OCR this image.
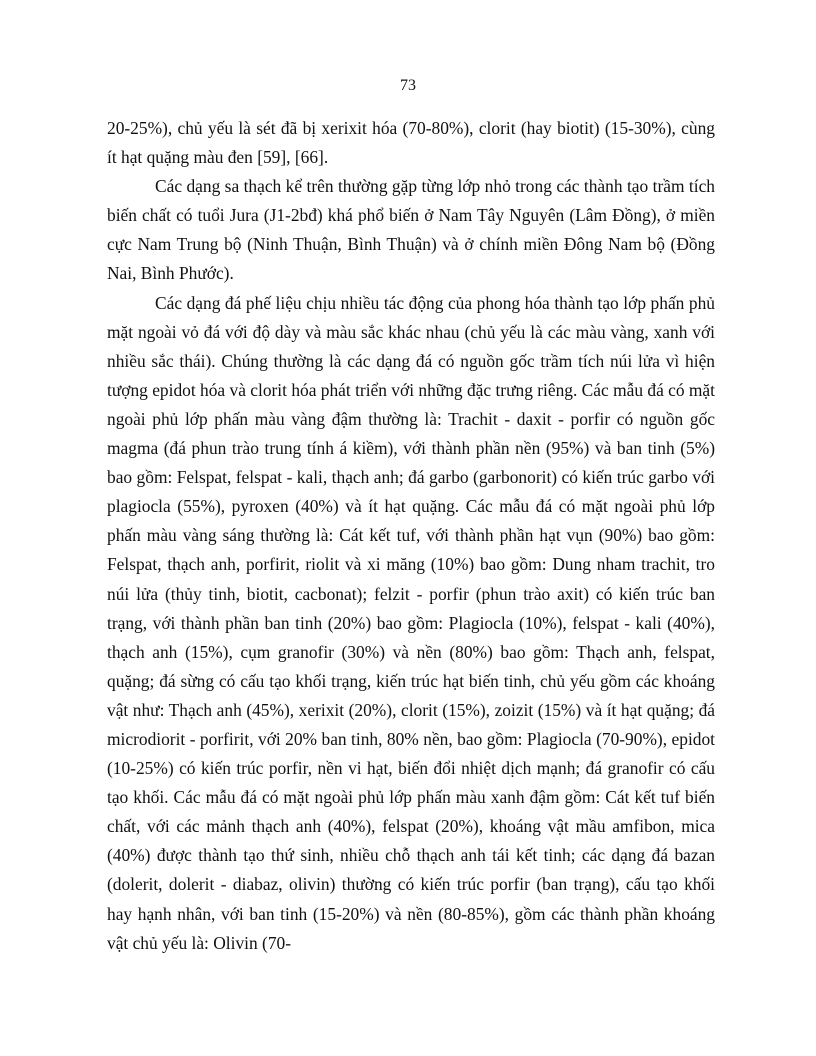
73

20-25%), chủ yếu là sét đã bị xerixit hóa (70-80%), clorit (hay biotit) (15-30%), cùng ít hạt quặng màu đen [59], [66].

Các dạng sa thạch kể trên thường gặp từng lớp nhỏ trong các thành tạo trầm tích biến chất có tuổi Jura (J1-2bđ) khá phổ biến ở Nam Tây Nguyên (Lâm Đồng), ở miền cực Nam Trung bộ (Ninh Thuận, Bình Thuận) và ở chính miền Đông Nam bộ (Đồng Nai, Bình Phước).

Các dạng đá phế liệu chịu nhiều tác động của phong hóa thành tạo lớp phấn phủ mặt ngoài vỏ đá với độ dày và màu sắc khác nhau (chủ yếu là các màu vàng, xanh với nhiều sắc thái). Chúng thường là các dạng đá có nguồn gốc trầm tích núi lửa vì hiện tượng epidot hóa và clorit hóa phát triển với những đặc trưng riêng. Các mẫu đá có mặt ngoài phủ lớp phấn màu vàng đậm thường là: Trachit - daxit - porfir có nguồn gốc magma (đá phun trào trung tính á kiềm), với thành phần nền (95%) và ban tinh (5%) bao gồm: Felspat, felspat - kali, thạch anh; đá garbo (garbonorit) có kiến trúc garbo với plagiocla (55%), pyroxen (40%) và ít hạt quặng. Các mẫu đá có mặt ngoài phủ lớp phấn màu vàng sáng thường là: Cát kết tuf, với thành phần hạt vụn (90%) bao gồm: Felspat, thạch anh, porfirit, riolit và xi măng (10%) bao gồm: Dung nham trachit, tro núi lửa (thủy tinh, biotit, cacbonat); felzit - porfir (phun trào axit) có kiến trúc ban trạng, với thành phần ban tinh (20%) bao gồm: Plagiocla (10%), felspat - kali (40%), thạch anh (15%), cụm granofir (30%) và nền (80%) bao gồm: Thạch anh, felspat, quặng; đá sừng có cấu tạo khối trạng, kiến trúc hạt biến tinh, chủ yếu gồm các khoáng vật như: Thạch anh (45%), xerixit (20%), clorit (15%), zoizit (15%) và ít hạt quặng; đá microdiorit - porfirit, với 20% ban tinh, 80% nền, bao gồm: Plagiocla (70-90%), epidot (10-25%) có kiến trúc porfir, nền vi hạt, biến đổi nhiệt dịch mạnh; đá granofir có cấu tạo khối. Các mẫu đá có mặt ngoài phủ lớp phấn màu xanh đậm gồm: Cát kết tuf biến chất, với các mảnh thạch anh (40%), felspat (20%), khoáng vật mầu amfibon, mica (40%) được thành tạo thứ sinh, nhiều chỗ thạch anh tái kết tinh; các dạng đá bazan (dolerit, dolerit - diabaz, olivin) thường có kiến trúc porfir (ban trạng), cấu tạo khối hay hạnh nhân, với ban tinh (15-20%) và nền (80-85%), gồm các thành phần khoáng vật chủ yếu là: Olivin (70-
